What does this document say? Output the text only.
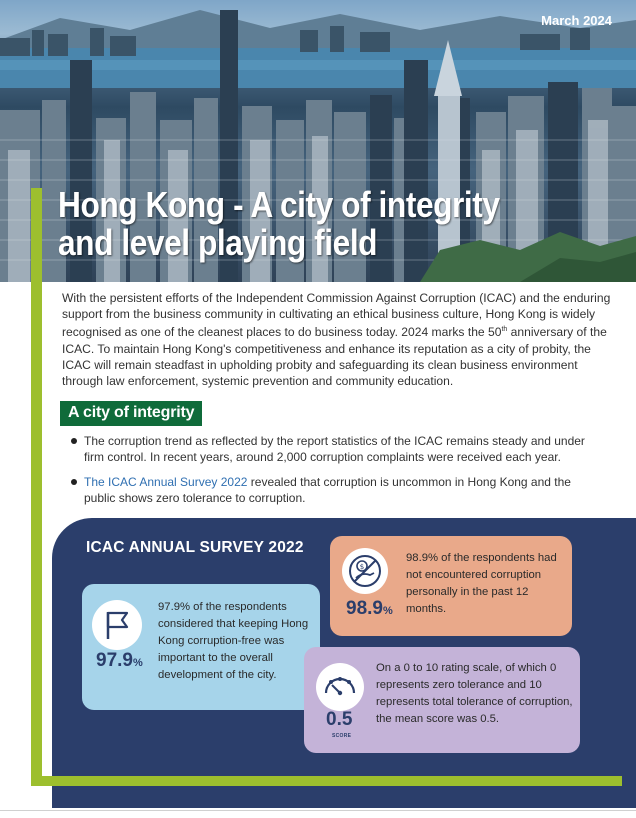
March 2024
Hong Kong - A city of integrity
and level playing field
With the persistent efforts of the Independent Commission Against Corruption (ICAC) and the enduring support from the business community in cultivating an ethical business culture, Hong Kong is widely recognised as one of the cleanest places to do business today. 2024 marks the 50th anniversary of the ICAC. To maintain Hong Kong's competitiveness and enhance its reputation as a city of probity, the ICAC will remain steadfast in upholding probity and safeguarding its clean business environment through law enforcement, systemic prevention and community education.
A city of integrity
The corruption trend as reflected by the report statistics of the ICAC remains steady and under firm control. In recent years, around 2,000 corruption complaints were received each year.
The ICAC Annual Survey 2022 revealed that corruption is uncommon in Hong Kong and the public shows zero tolerance to corruption.
ICAC ANNUAL SURVEY 2022
97.9%
97.9% of the respondents considered that keeping Hong Kong corruption-free was important to the overall development of the city.
$
98.9%
98.9% of the respondents had not encountered corruption personally in the past 12 months.
0.5
SCORE
On a 0 to 10 rating scale, of which 0 represents zero tolerance and 10 represents total tolerance of corruption, the mean score was 0.5.
